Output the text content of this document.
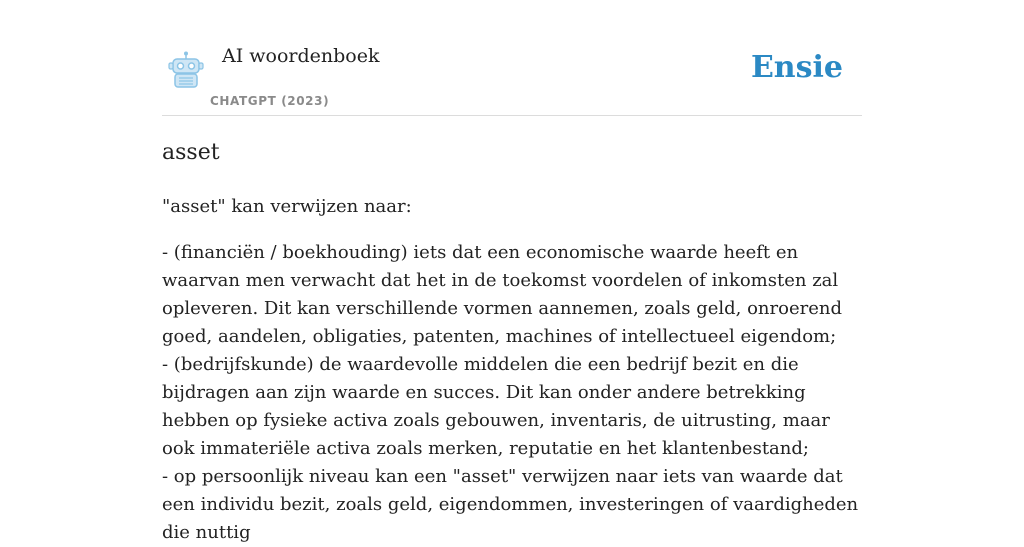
AI woordenboek
CHATGPT (2023)
Ensie
asset
"asset" kan verwijzen naar:

- (financiën / boekhouding) iets dat een economische waarde heeft en waarvan men verwacht dat het in de toekomst voordelen of inkomsten zal opleveren. Dit kan verschillende vormen aannemen, zoals geld, onroerend goed, aandelen, obligaties, patenten, machines of intellectueel eigendom;

- (bedrijfskunde) de waardevolle middelen die een bedrijf bezit en die bijdragen aan zijn waarde en succes. Dit kan onder andere betrekking hebben op fysieke activa zoals gebouwen, inventaris, de uitrusting, maar ook immateriële activa zoals merken, reputatie en het klantenbestand;

- op persoonlijk niveau kan een "asset" verwijzen naar iets van waarde dat een individu bezit, zoals geld, eigendommen, investeringen of vaardigheden die nuttig
